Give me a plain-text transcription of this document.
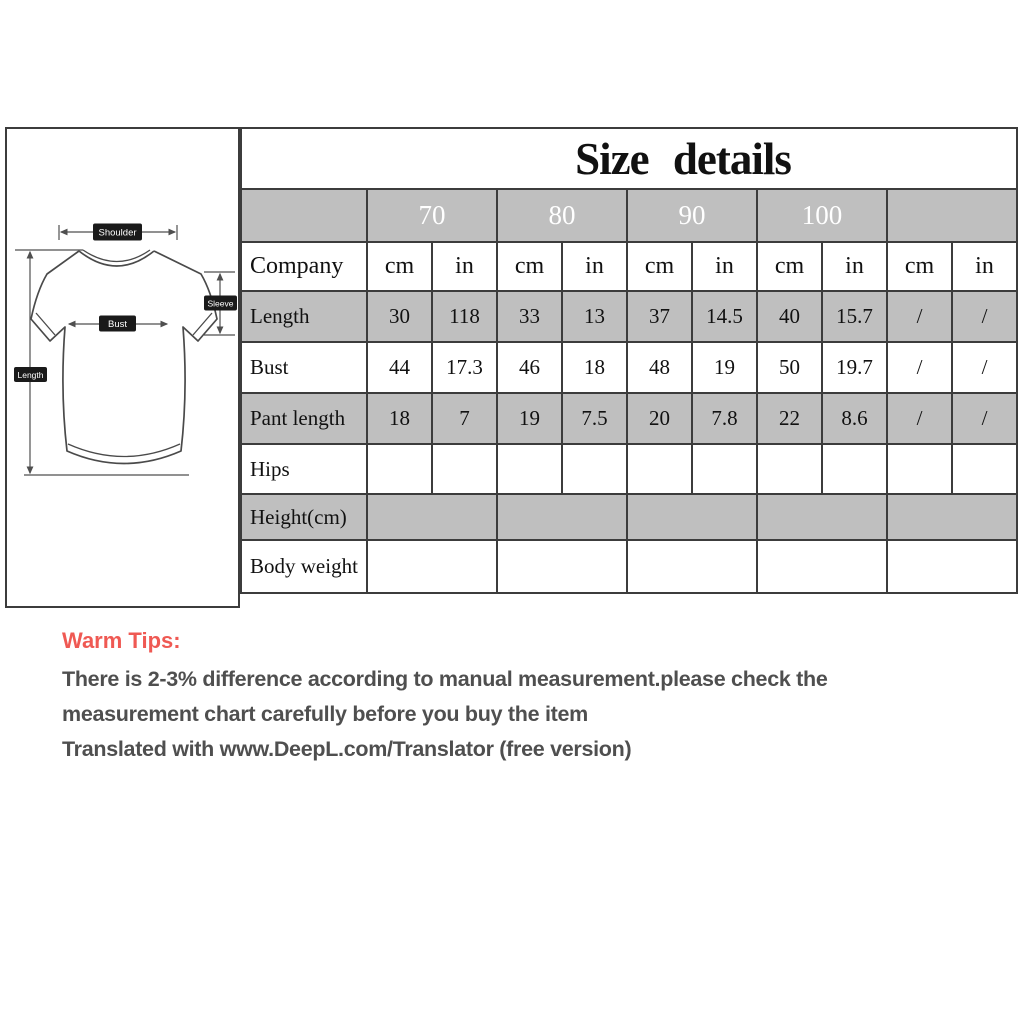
Shoulder
Sleeve
Bust
Length
Size details										
	70		80		90		100			
Company	cm	in	cm	in	cm	in	cm	in	cm	in
Length	30	118	33	13	37	14.5	40	15.7	/	/
Bust	44	17.3	46	18	48	19	50	19.7	/	/
Pant length	18	7	19	7.5	20	7.8	22	8.6	/	/
Hips										
Height(cm)										
Body weight										
Warm Tips:
There is 2-3% difference according to manual measurement.please check the
measurement chart carefully before you buy the item
Translated with www.DeepL.com/Translator (free version)
